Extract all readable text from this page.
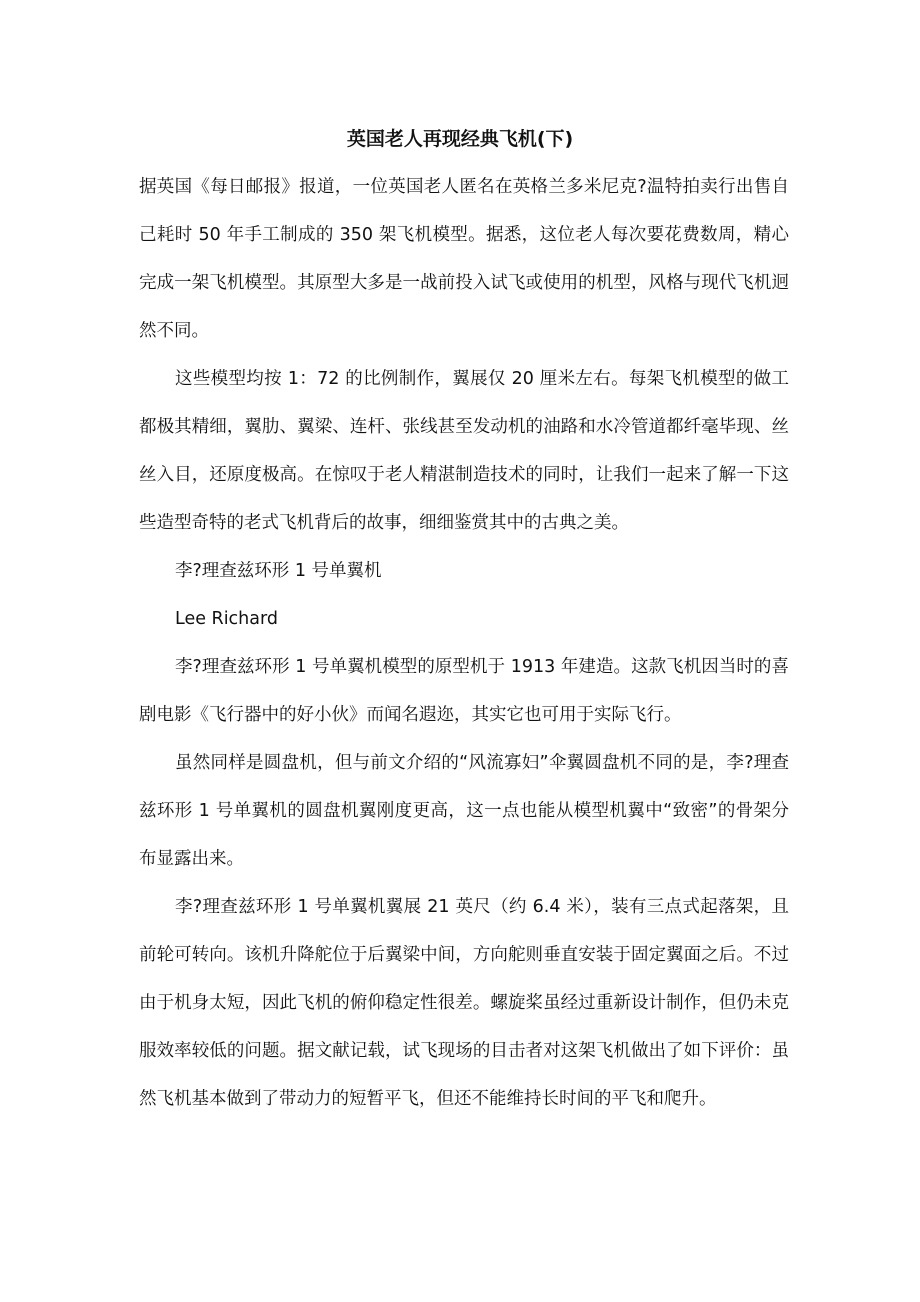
英国老人再现经典飞机(下)

据英国《每日邮报》报道，一位英国老人匿名在英格兰多米尼克?温特拍卖行出售自己耗时 50 年手工制成的 350 架飞机模型。据悉，这位老人每次要花费数周，精心完成一架飞机模型。其原型大多是一战前投入试飞或使用的机型，风格与现代飞机迥然不同。

这些模型均按 1：72 的比例制作，翼展仅 20 厘米左右。每架飞机模型的做工都极其精细，翼肋、翼梁、连杆、张线甚至发动机的油路和水冷管道都纤毫毕现、丝丝入目，还原度极高。在惊叹于老人精湛制造技术的同时，让我们一起来了解一下这些造型奇特的老式飞机背后的故事，细细鉴赏其中的古典之美。

李?理查兹环形 1 号单翼机

Lee Richard

李?理查兹环形 1 号单翼机模型的原型机于 1913 年建造。这款飞机因当时的喜剧电影《飞行器中的好小伙》而闻名遐迩，其实它也可用于实际飞行。

虽然同样是圆盘机，但与前文介绍的“风流寡妇”伞翼圆盘机不同的是，李?理查兹环形 1 号单翼机的圆盘机翼刚度更高，这一点也能从模型机翼中“致密”的骨架分布显露出来。

李?理查兹环形 1 号单翼机翼展 21 英尺（约 6.4 米），装有三点式起落架，且前轮可转向。该机升降舵位于后翼梁中间，方向舵则垂直安装于固定翼面之后。不过由于机身太短，因此飞机的俯仰稳定性很差。螺旋桨虽经过重新设计制作，但仍未克服效率较低的问题。据文献记载，试飞现场的目击者对这架飞机做出了如下评价：虽然飞机基本做到了带动力的短暂平飞，但还不能维持长时间的平飞和爬升。
